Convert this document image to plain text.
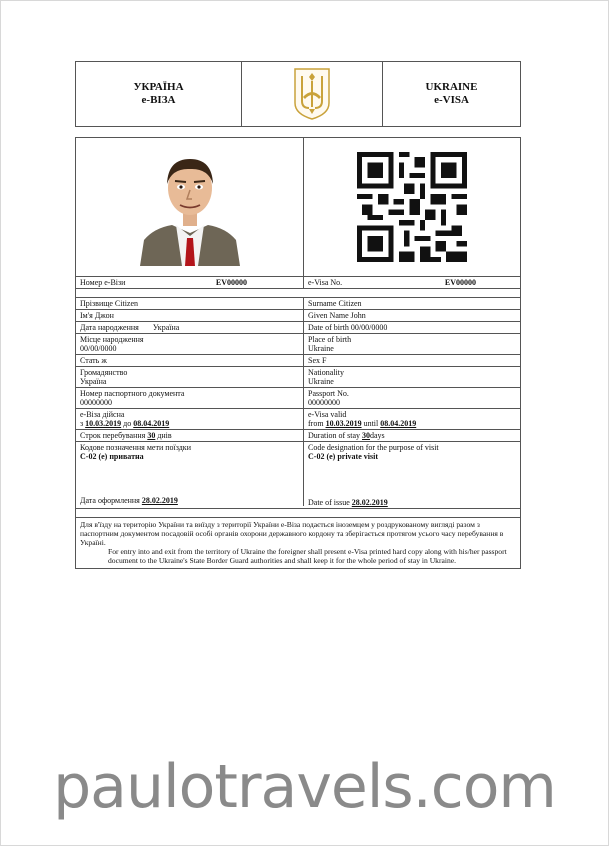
УКРАЇНА
e-ВІЗА
UKRAINE
e-VISA
Номер e-Візи	EV00000	e-Visa No.	EV00000
Прізвище Citizen	Surname Citizen
Ім'я Джон	Given Name John
Дата народження Україна	Date of birth 00/00/0000
Місце народження
00/00/0000
Place of birth
Ukraine
Стать ж	Sex F
Громадянство
Україна
Nationality
Ukraine
Номер паспортного документа
00000000
Passport No.
00000000
e-Віза дійсна
з 10.03.2019 до 08.04.2019
e-Visa valid
from 10.03.2019 until 08.04.2019
Строк перебування 30 днів	Duration of stay 30days
Кодове позначення мети поїздки
C-02 (e) приватна
Дата оформлення 28.02.2019
Code designation for the purpose of visit
C-02 (e) private visit
Date of issue 28.02.2019
Для в'їзду на територію України та виїзду з території України e-Віза подається іноземцем у роздрукованому вигляді разом з паспортним документом посадовій особі органів охорони державного кордону та зберігається протягом усього часу перебування в Україні.
For entry into and exit from the territory of Ukraine the foreigner shall present e-Visa printed hard copy along with his/her passport document to the Ukraine's State Border Guard authorities and shall keep it for the whole period of stay in Ukraine.
paulotravels.com
